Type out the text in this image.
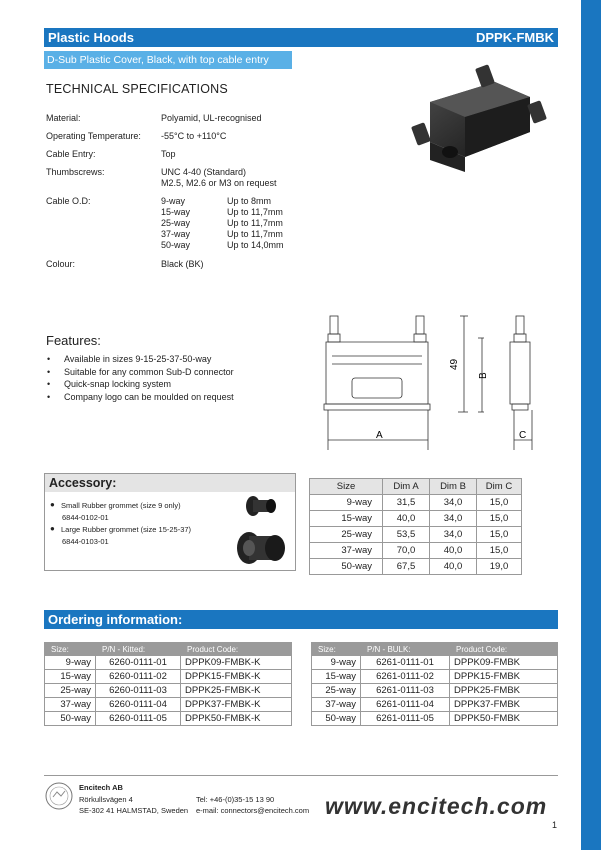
Plastic Hoods	DPPK-FMBK
D-Sub Plastic Cover, Black, with top cable entry
TECHNICAL SPECIFICATIONS
Material:	Polyamid, UL-recognised
Operating Temperature: -55°C to +110°C
Cable Entry:	Top
Thumbscrews:	UNC 4-40 (Standard)
M2.5, M2.6 or M3 on request
Cable O.D:	9-way	Up to 8mm
15-way	Up to 11,7mm
25-way	Up to 11,7mm
37-way	Up to 11,7mm
50-way	Up to 14,0mm
Colour:	Black (BK)
49
B
A	C
Features:
• Available in sizes 9-15-25-37-50-way
• Suitable for any common Sub-D connector
• Quick-snap locking system
• Company logo can be moulded on request
Accessory:
● Small Rubber grommet (size 9 only)
6844-0102-01
● Large Rubber grommet (size 15-25-37)
6844-0103-01
Size	Dim A	Dim B	Dim C
9-way	31,5	34,0	15,0
15-way	40,0	34,0	15,0
25-way	53,5	34,0	15,0
37-way	70,0	40,0	15,0
50-way	67,5	40,0	19,0
Ordering information:
Size:	P/N - Kitted:	Product Code:
9-way	6260-0111-01	DPPK09-FMBK-K
15-way	6260-0111-02	DPPK15-FMBK-K
25-way	6260-0111-03	DPPK25-FMBK-K
37-way	6260-0111-04	DPPK37-FMBK-K
50-way	6260-0111-05	DPPK50-FMBK-K
Size:	P/N - BULK:	Product Code:
9-way	6261-0111-01	DPPK09-FMBK
15-way	6261-0111-02	DPPK15-FMBK
25-way	6261-0111-03	DPPK25-FMBK
37-way	6261-0111-04	DPPK37-FMBK
50-way	6261-0111-05	DPPK50-FMBK
Encitech AB
Rörkullsvägen 4
SE-302 41 HALMSTAD, Sweden
Tel: +46-(0)35-15 13 90
e-mail: connectors@encitech.com www.encitech.com
1
